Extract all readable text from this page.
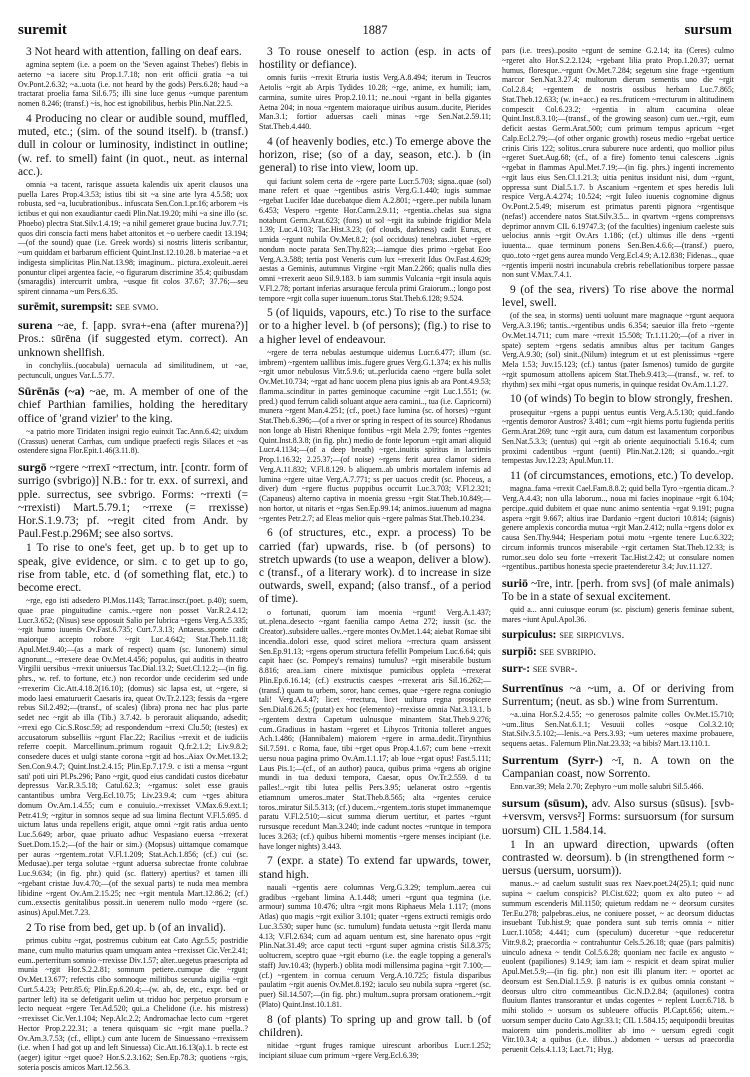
suremit	1887	sursum

3 Not heard with attention, falling on deaf ears.

agmina septem (i.e. a poem on the 'Seven against Thebes') flebis in aeterno ~a iacere situ Prop.1.7.18; non erit officii gratia ~a tui Ov.Pont.2.6.32; ~a..uota (i.e. not heard by the gods) Pers.6.28; haud ~a tractarat proelia fama Sil.6.75; illi sine luce genus ~umque parentum nomen 8.246; (transf.) ~is, hoc est ignobilibus, herbis Plin.Nat.22.5.

4 Producing no clear or audible sound, muffled, muted, etc.; (sim. of the sound itself). b (transf.) dull in colour or luminosity, indistinct in outline; (w. ref. to smell) faint (in quot., neut. as internal acc.).

omnia ~a tacent, rarisque assueta kalendis uix aperit clausos una puella Lares Prop.4.3.53; istius tibi sit ~a sine arte lyra 4.5.58; uox robusta, sed ~a, lucubrationibus.. infuscata Sen.Con.1.pr.16; arborem ~is ictibus et qui non exaudiantur caedi Plin.Nat.19.20; mihi ~a sine illo (sc. Phoebo) plectra Stat.Silv.1.4.19; ~a nihil gemeret graue bucina Juv.7.71; quos diri conscia facti mens habet attonitos et ~o uerbere caedit 13.194;—(of the sound) quae (i.e. Greek words) si nostris litteris scribantur, ~um quiddam et barbarum efficient Quint.Inst.12.10.28. b materiae ~a et indigesta simplicitas Plin.Nat.13.98; imaginum.. pictura..exoleuit..aerei ponuntur clipei argentea facie, ~o figurarum discrimine 35.4; quibusdam (smaragdis) intercurrit umbra, ~usque fit colos 37.67; 37.76;—seu spirent cinnama ~um Pers.6.35.

surēmit, surempsit: see svmo.

surena ~ae, f. [app. svra+-ena (after murena?)] Pros.: sūrēna (if suggested etym. correct). An unknown shellfish.

in conchyliis..(uocabula) uernacula ad similitudinem, ut ~ae, pectunculi, ungues Var.L.5.77.

Sūrēnās (~a) ~ae, m. A member of one of the chief Parthian families, holding the hereditary office of 'grand vizier' to the king.

~a patrio more Tiridaten insigni regio euinxit Tac.Ann.6.42; uixdum (Crassus) uenerat Carrhas, cum undique praefecti regis Silaces et ~as ostendere signa Flor.Epit.1.46(3.11.8).

surgō ~rgere ~rrexī ~rrectum, intr. [contr. form of surrigo (svbrigo)] N.B.: for tr. exx. of surrexi, and pple. surrectus, see svbrigo. Forms: ~rrexti (= ~rrexisti) Mart.5.79.1; ~rrexe (= rrexisse) Hor.S.1.9.73; pf. ~regit cited from Andr. by Paul.Fest.p.296M; see also sortvs.

1 To rise to one's feet, get up. b to get up to speak, give evidence, or sim. c to get up to go, rise from table, etc. d (of something flat, etc.) to become erect.

~rge, ego isti adsedero Pl.Mos.1143; Tarrac.inscr.(poet. p.40); suem, quae prae pinguitudine carnis..~rgere non posset Var.R.2.4.12; Lucr.3.652; (Nisus) sese opposuit Salio per lubrica ~rgens Verg.A.5.335; ~rgit humo iuuenis Ov.Fast.6.735; Curt.7.3.13; Antaeus..sponte cadit maiorque accepto robore ~rgit Luc.4.642; Stat.Theb.11.18; Apul.Met.9.40;—(as a mark of respect) quam (sc. Iunonem) simul agnorunt.., ~rrexere deae Ov.Met.4.456; populus, qui auditis in theatro Virgilii uersibus ~rrexit uniuersus Tac.Dial.13.2; Suet.Cl.12.2;—(in fig. phrs., w. ref. to fortune, etc.) non recordor unde ceciderim sed unde ~rrexerim Cic.Att.4.18.2(16.10); (domus) sic lapsa est, ut ~rgere, si modo laesi ematuruerit Caesaris ira, queat Ov.Tr.2.123; fessis da ~rgere rebus Sil.2.492;—(transf., of scales) (libra) prona nec hac plus parte sedet nec ~rgit ab illa (Tib.) 3.7.42. b perorauit aliquando, adsedit; ~rrexi ego Cic.S.Rosc.59; ad respondendum ~rrexi Clu.50; (testes) ex accusatorum subselliis ~rgunt Flac.22; Racilius ~rrexit et de iudiciis referre coepit. Marcellinum..primum rogauit Q.fr.2.1.2; Liv.9.8.2; consedere duces et uulgi stante corona ~rgit ad hos..Aiax Ov.Met.13.2; Sen.Con.9.4.7; Quint.Inst.2.4.15; Plin.Ep.7.17.9. c isti a mensa ~rgunt sati' poti uiri Pl.Ps.296; Pano ~rgit, quod eius candidati custos dicebatur depressus Var.R.3.5.18; Catul.62.3; ~rgamus: solet esse grauis cantantibus umbra Verg.Ecl.10.75; Liv.23.9.4; cum ~rges abitura domum Ov.Am.1.4.55; cum e conuiuio..~rrexisset V.Max.6.9.ext.1; Petr.41.9; ~rgitur in somnos seque ad sua limina flectunt V.Fl.5.695. d uictum latus unda repellens erigit, atque omni ~rgit ratis ardua uento Luc.5.649; arbor, quae priuato adhuc Vespasiano euersa ~rrexerat Suet.Dom.15.2;—(of the hair or sim.) (Mopsus) uittamque comamque per auras ~rgentem..rotat V.Fl.1.209; Stat.Ach.1.856; (cf.) cui (sc. Medusae)..per terga solutae ~rgunt aduersa subrectae fronte colubrae Luc.9.634; (in fig. phr.) quid (sc. flattery) apertius? et tamen illi ~rgebant cristae Juv.4.70;—(of the sexual parts) te nuda mea membra libidine ~rgent Ov.Am.2.15.25; nec ~rgit mentula Mart.12.86.2; (cf.) cum..exsectis genitalibus possit..in uenerem nullo modo ~rgere (sc. asinus) Apul.Met.7.23.

2 To rise from bed, get up. b (of an invalid).

primus cubitu ~rgat, postremus cubitum eat Cato Agr.5.5; postridie mane, cum multo maturius quam umquam antea ~rrexisset Cic.Ver.2.41; eum..perterritum somnio ~rrexisse Div.1.57; alter..uegetus praescripta ad munia ~rgit Hor.S.2.2.81; somnum petiere..cumque die ~rgunt Ov.Met.13.677; refectis cibo somnoque militibus secunda uigilia ~rgit Curt.5.4.23; Petr.85.6; Plin.Ep.6.20.4;—(w. ab, de, etc., expr. bed or partner left) ita se defetigarit uelim ut triduo hoc perpetuo prorsum e lecto nequeat ~rgere Ter.Ad.520; qui..a Chelidone (i.e. his mistress) ~rrexisset Cic.Ver.1.104; Nep.Alc.2.2; Andromachae lecto cum ~rgeret Hector Prop.2.22.31; a tenera quisquam sic ~rgit mane puella..? Ov.Am.3.7.53; (cf., ellipt.) cum ante lucem de Sinuessano ~rrexissem (i.e. when I had got up and left Sinuessa) Cic.Att.16.13(a).1. b recte est (aeger) igitur ~rget quoe? Hor.S.2.3.162; Sen.Ep.78.3; quotiens ~rgis, soteria poscis amicos Mart.12.56.3.

3 To rouse oneself to action (esp. in acts of hostility or defiance).

omnis furiis ~rrexit Etruria iustis Verg.A.8.494; iterum in Teucros Aetolis ~rgit ab Arpis Tydides 10.28; ~rge, anime, ex humili; iam, carmina, sumite uires Prop.2.10.11; ne..noui ~rgant in bella gigantes Aetna 204; in noua ~rgentem maioraque uiribus ausum..ducite, Pierides Man.3.1; fortior aduersas caeli minas ~rge Sen.Nat.2.59.11; Stat.Theb.4.440.

4 (of heavenly bodies, etc.) To emerge above the horizon, rise; (so of a day, season, etc.). b (in general) to rise into view, loom up.

qui faciunt solem certa de ~rgere parte Lucr.5.703; signa..quae (sol) mane refert et quae ~rgentibus astris Verg.G.1.440; iugis summae ~rgebat Lucifer Idae ducebatque diem A.2.801; ~rgere..per nubila lunam 6.453; Vespero ~rgente Hor.Carm.2.9.11; ~rgentia..chelas sua signa notabunt Germ.Arat.623; (fons) ut sol ~rgit ita subinde frigidior Mela 1.39; Luc.4.103; Tac.Hist.3.23; (of clouds, darkness) cadit Eurus, et umida ~rgunt nubila Ov.Met.8.2; (sol occiduus) tenebras..iubet ~rgere nondum nocte parata Sen.Thy.823;—iamque dies primo ~rgebat Eoo Verg.A.3.588; tertia post Veneris cum lux ~rrexerit Idus Ov.Fast.4.629; aestas a Geminis, autumnus Virgine ~rgit Man.2.266; qualis nulla dies omni ~rrexerit aeuo Sil.9.183. b iam summis Vulcania ~rgit insula aquis V.Fl.2.78; portant inferias arsuraque fercula primi Graiorum..; longo post tempore ~rgit colla super iuuenum..torus Stat.Theb.6.128; 9.524.

5 (of liquids, vapours, etc.) To rise to the surface or to a higher level. b (of persons); (fig.) to rise to a higher level of endeavour.

~rgere de terra nebulas aestumque uidemus Lucr.6.477; illum (sc. imbrem) ~rgentem uallibus imis..fugere grues Verg.G.1.374; ex his nullis ~rgit umor nebulosus Vitr.5.9.6; ut..perlucida caeno ~rgere bulla solet Ov.Met.10.734; ~rgat ad hanc uocem plena pius ignis ab ara Pont.4.9.53; flamma..scinditur in partes geminoque cacumine ~rgit Luc.1.551; (w. pred.) quod ferrum calidi soluant atque aera camini.., tua (i.e. Capricorni) munera ~rgent Man.4.251; (cf., poet.) face lumina (sc. of horses) ~rgunt Stat.Theb.6.396;—(of a river or spring in respect of its source) Rhodanus non longe ab Histri Rhenique fontibus ~rgit Mela 2.79; fontes ~rgentes Quint.Inst.8.3.8; (in fig. phr.) medio de fonte leporum ~rgit amari aliquid Lucr.4.1134;—(of a deep breath) ~rget..inuitis spiritus in lacrimis Prop.1.16.32; 2.25.37;—(of noise) ~rgens ferit aurea clamor sidera Verg.A.11.832; V.Fl.8.129. b aliquem..ab umbris mortalem infernis ad lumina ~rgere uitae Verg.A.7.771; ss per uacuos credit (sc. Phoceus, a diver) dum ~rgere fluctus puppibus occurrit Luc.3.703; V.Fl.2.321; (Capaneus) alterno captiva in moenia gressu ~rgit Stat.Theb.10.849;—non hortor, ut nitaris et ~rgas Sen.Ep.99.14; animos..iuuenum ad magna ~rgentes Petr.2.7; ad Eleas melior quis ~rgere palmas Stat.Theb.10.234.

6 (of structures, etc., expr. a process) To be carried (far) upwards, rise. b (of persons) to stretch upwards (to use a weapon, deliver a blow). c (transf., of a literary work). d to increase in size outwards, swell, expand; (also transf., of a period of time).

o fortunati, quorum iam moenia ~rgunt! Verg.A.1.437; ut..plena..desecto ~rgant faenilia campo Aetna 272; iussit (sc. the Creator)..subsidere ualles..~rgere montes Ov.Met.1.44; aiebat Romae sibi incendia..dolori esse, quod sciret meliora ~rrectura quam arsissent Sen.Ep.91.13; ~rgens operum structura fefellit Pompeium Luc.6.64; quis capit haec (sc. Pompey's remains) tumulus? ~rgit miserabile bustum 8.816; area..iam cinere mixtisque pumicibus oppleta ~rrexerat Plin.Ep.6.16.14; (cf.) exstructis caespes ~rrexerat aris Sil.16.262;—(transf.) quam tu urbem, soror, hanc cernes, quae ~rgere regna coniugio tali! Verg.A.4.47; licet ~rrectura, licet uultura regna prospicere Sen.Dial.6.26.5; (putat) ex hoc (elemento) ~rrexisse omnia Nat.3.13.1. b ~rgentem dextra Capetum uulnusque minantem Stat.Theb.9.276; cum..Gradiuus in hastam ~rgeret et Libycos Tritonia tolleret angues Ach.1.486; (Hannibalem) maiorem ~rgere in arma..dedit..Tirynthius Sil.7.591. c Roma, faue, tibi ~rget opus Prop.4.1.67; cum bene ~rrexit uersu noua pagina primo Ov.Am.1.1.17; ab loue ~rgat opus! Fast.5.111; Laus Pis.1;—(cf., of an author) pauca, quibus prima ~rgens ab origine mundi in tua deduxi tempora, Caesar, opus Ov.Tr.2.559. d tu palles!..~rgit tibi lutea pellis Pers.3.95; uelanerat ostro ~rgentis etiamnum umeros..mater Stat.Theb.8.565; alta ~rgentes ceruice toros..miratur Sil.5.313; (cf.) ducem..~rgentem..toris stupet immanemque paratu V.Fl.2.510;—sicut summa dierum uertitur, et partes ~rgunt rursusque recedunt Man.3.240; inde cadunt noctes ~runtque in tempora luces 3.263; (cf.) quibus hiberni momentis ~rgere menses incipiant (i.e. have longer nights) 3.443.

7 (expr. a state) To extend far upwards, tower, stand high.

nauali ~rgentis aere columnas Verg.G.3.29; templum..aerea cui gradibus ~rgebant limina A.1.448; umeri ~rgunt qua tegmina (i.e. armour) summa 10.476; ultra ~rgit mons Riphaeus Mela 1.117; (mons Atlas) quo magis ~rgit exilior 3.101; quater ~rgens extructi remigis ordo Luc.3.530; super hunc (sc. tumulum) fundata uetusta ~rgit Ilerda manu 4.13; V.Fl.2.634; cum ad aquam uentum est, sine harenato opus ~rgit Plin.Nat.31.49; arce caput tecti ~rgunt super agmina cristis Sil.8.375; uoltucrem, sceptro quae ~rgit eburno (i.e. the eagle topping a general's staff) Juv.10.43; (hyperb.) oblita modi millensima pagina ~rgit 7.100;—(cf.) ~rgentem in cornua ceruum Verg.A.10.725; fistula disparibus paulatim ~rgit auenis Ov.Met.8.192; iaculo seu nubila supra ~rgeret (sc. puer) Sil.14.507;—(in fig. phr.) multum..supra prorsam orationem..~rgit (Plato) Quint.Inst.10.1.81.

8 (of plants) To spring up and grow tall. b (of children).

nitidae ~rgunt fruges ramique uirescunt arboribus Lucr.1.252; incipiant siluae cum primum ~rgere Verg.Ecl.6.39;

pars (i.e. trees)..posito ~rgunt de semine G.2.14; ita (Ceres) culmo ~rgeret alto Hor.S.2.2.124; ~rgebant lilia prato Prop.1.20.37; uernat humus, floresque..~rgunt Ov.Met.7.284; segetum sine frage ~rgentium marcor Sen.Nat.3.27.4; multorum dierum sementis uno die ~rgit Col.2.8.4; ~rgentem de nostris ossibus herbam Luc.7.865; Stat.Theb.12.633; (w. in+acc.) ea res..fruticem ~rrecturum in altitudinem compescit Col.6.23.2; ~rgentia in altum cacumina oleae Quint.Inst.8.3.10;—(transf., of the growing season) cum uer..~rgit, eum deficit aestas Germ.Arat.500; cum primum tempus apricum ~rget Calp.Ecl.2.79;—(of other organic growth) roseus medio ~rgebat uertice crinis Ciris 122; solitus..crura suburere nuce ardenti, quo mollior pilus ~rgeret Suet.Aug.68; (cf., of a fire) fomento tenui calescens ..ignis ~rgebat in flammas Apul.Met.7.19;—(in fig. phrs.) ingenti incremento ~rgit laus eius Sen.Cl.1.21.3; uitia penitus insidunt nisi, dum ~rgunt, oppressa sunt Dial.5.1.7. b Ascanium ~rgentem et spes heredis Iuli respice Verg.A.4.274; 10.524; ~rgit Iuleo iuuenis cognomine dignus Ov.Pont.2.5.49; miserum est primatus parenti pignora ~rgentisque (nefas!) accendere natos Stat.Silv.3.5... in qvartvm ~rgens comprensvs deprimor annvm CIL 6.19747.3; (of the faculties) ingenium caeleste suis uelocius annis ~rgit Ov.Ars 1.186; (cf.) ultimus ille dens ~rgenti iuuenta... quae terminum ponens Sen.Ben.4.6.6;—(transf.) puero, quo..toto ~rget gens aurea mundo Verg.Ecl.4.9; A.12.838; Fidenas.., quae ~rgentis imperii nostri incunabula crebris rebellationibus torpere passae non sunt V.Max.7.4.1.

9 (of the sea, rivers) To rise above the normal level, swell.

(of the sea, in storms) uenti uoluunt mare magnaque ~rgunt aequora Verg.A.3.196; tantis..~rgentibus undis 6.354; saeuior illa freto ~rgente Ov.Met.14.711; cum mare ~rrexit 15.508; Tr.1.11.20;—(of a river in spate) septem ~rgens sedatis amnibus altus per tacitum Ganges Verg.A.9.30; (sol) sinit..(Nilum) integrum et ut est plenissimus ~rgere Mela 1.53; Juv.15.123; (cf.) tantus (pater Ismenos) tumido de gurgite ~rgit spumosum attollens apicem Stat.Theb.9.413;—(transf., w. ref. to rhythm) sex mihi ~rgat opus numeris, in quinque residat Ov.Am.1.1.27.

10 (of winds) To begin to blow strongly, freshen.

prosequitur ~rgens a puppi uentus euntis Verg.A.5.130; quid..fando ~rgentis demoror Austros? 3.481; cum ~rgit hiems portu fugienda peritis Germ.Arat.269; tunc ~rgit aura, cum datum est laxamentum corporibus Sen.Nat.5.3.3; (uentus) qui ~rgit ab oriente aequinoctiali 5.16.4; cum proximi cadentibus ~rgunt (uenti) Plin.Nat.2.128; si quando..~rgit tempestas Juv.12.23; Apul.Mun.11.

11 (of circumstances, emotions, etc.) To develop.

magna..fama ~rrexit Cael.Fam.8.8.2; quid bella Tyro ~rgentia dicam..? Verg.A.4.43; non ulla laborum.., noua mi facies inopinaue ~rgit 6.104; percipe..quid dubitem et quae nunc animo sententia ~rgat 9.191; pugna aspera ~rgit 9.667; altius irae Dardanio ~rgent ductori 10.814; (signis) genere amplexis concordia mutua ~rgit Man.2.412; nulla ~rgens dolor ex causa Sen.Thy.944; Hesperiam potui motu ~rgente tenere Luc.6.322; circum informis truncos miserabile ~rgit certamen Stat.Theb.12.33; is rumor..seu dolo seu forte ~rrexerit Tac.Hist.2.42; ut consulare nomen ~rgentibus..partibus honesta specie praetenderetur 3.4; Juv.11.127.

suriō ~īre, intr. [perh. from svs] (of male animals) To be in a state of sexual excitement.

quid a... anni cuiusque eorum (sc. piscium) generis feminae subent, mares ~iunt Apul.Apol.36.

surpiculus: see sirpicvlvs.
surpiō: see svbripio.
surr-: see svbr-.

Surrentīnus ~a ~um, a. Of or deriving from Surrentum; (neut. as sb.) wine from Surrentum.

~a..uina Hor.S.2.4.55; ~o generosos palmite colles Ov.Met.15.710; ~um..litus Sen.Nat.6.1.1; Vesuuii colles ~osque Col.3.2.10; Stat.Silv.3.5.102;—lenis..~a Pers.3.93; ~um ueteres maxime probauere, sequens aetas.. Falernum Plin.Nat.23.33; ~a bibis? Mart.13.110.1.

Surrentum (Syrr-) ~ī, n. A town on the Campanian coast, now Sorrento.

Enn.var.39; Mela 2.70; Zephyro ~um molle salubri Sil.5.466.

sursum (sūsum), adv. Also sursus (sūsus). [svb-+versvm, versvs²] Forms: sursuorsum (for sursum uorsum) CIL 1.584.14.

1 In an upward direction, upwards (often contrasted w. deorsum). b (in strengthened form ~ uersus (uersum, uorsum)).

manus..~ ad caelum sustulit suas rex Naev.poet.24(25).1; quid nunc supina ~ caelum conspicis? Pl.Cist.622; quom ex alto puteo ~ ad summum escenderis Mil.1150; quietum reddam ne ~ deorsum cursites Ter.Eu.278; palpebras..eius, ne coniuere posset, ~ ac deorsum diductas insuebant Tub.hist.9; quae pondera sunt sub terris omnia ~ nitier Lucr.1.1058; 4.441; cum (speculum) duceretur ~que reduceretur Vitr.9.8.2; praecordia ~ contrahuntur Cels.5.26.18; quae (pars palmitis) uinculo adnexa ~ tendit Col.5.6.28; quoniam nec facile ex angusto ~ euolent (papiliones) 9.14.9; iam iam ~ respicit et deam spirat mulier Apul.Met.5.9;—(in fig. phr.) non esit illi planum iter: ~ oportet ac deorsum est Sen.Dial.1.5.9. β naturis is ex quibus omnia constant ~ deorsus ultro citro commeantibus Cic.N.D.2.84; (aquilones) contra fluuium flantes transorantur et undas cogentes ~ replent Lucr.6.718. b mihi stolido ~ uorsum os subleuere offuciis Pl.Capt.656; uitem..~ uorsum semper ducito Cato Agr.33.1; CIL 1.584.15; aequipondii breuitas maiorem uim ponderis..molliter ab imo ~ uersum egredi cogit Vitr.10.3.4; a quibus (i.e. ilibus..) abdomen ~ uersus ad praecordia peruenit Cels.4.1.13; Lact.71; Hyg.
